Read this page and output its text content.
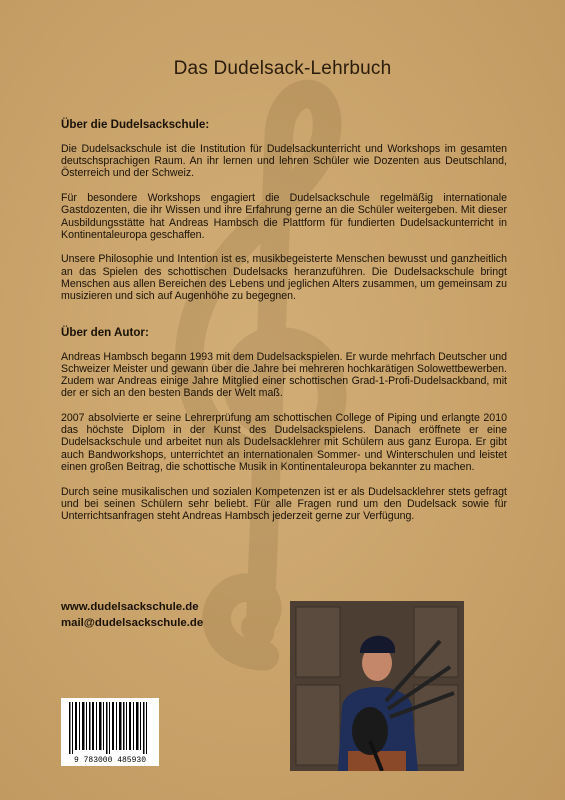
Das Dudelsack-Lehrbuch
Über die Dudelsackschule:
Die Dudelsackschule ist die Institution für Dudelsackunterricht und Workshops im gesamten deutschsprachigen Raum. An ihr lernen und lehren Schüler wie Dozenten aus Deutschland, Österreich und der Schweiz.
Für besondere Workshops engagiert die Dudelsackschule regelmäßig internationale Gastdozenten, die ihr Wissen und ihre Erfahrung gerne an die Schüler weitergeben. Mit dieser Ausbildungsstätte hat Andreas Hambsch die Plattform für fundierten Dudelsackunterricht in Kontinentaleuropa geschaffen.
Unsere Philosophie und Intention ist es, musikbegeisterte Menschen bewusst und ganzheitlich an das Spielen des schottischen Dudelsacks heranzuführen. Die Dudelsackschule bringt Menschen aus allen Bereichen des Lebens und jeglichen Alters zusammen, um gemeinsam zu musizieren und sich auf Augenhöhe zu begegnen.
Über den Autor:
Andreas Hambsch begann 1993 mit dem Dudelsackspielen. Er wurde mehrfach Deutscher und Schweizer Meister und gewann über die Jahre bei mehreren hochkarätigen Solowettbewerben. Zudem war Andreas einige Jahre Mitglied einer schottischen Grad-1-Profi-Dudelsackband, mit der er sich an den besten Bands der Welt maß.
2007 absolvierte er seine Lehrerprüfung am schottischen College of Piping und erlangte 2010 das höchste Diplom in der Kunst des Dudelsackspielens. Danach eröffnete er eine Dudelsackschule und arbeitet nun als Dudelsacklehrer mit Schülern aus ganz Europa. Er gibt auch Bandworkshops, unterrichtet an internationalen Sommer- und Winterschulen und leistet einen großen Beitrag, die schottische Musik in Kontinentaleuropa bekannter zu machen.
Durch seine musikalischen und sozialen Kompetenzen ist er als Dudelsacklehrer stets gefragt und bei seinen Schülern sehr beliebt. Für alle Fragen rund um den Dudelsack sowie für Unterrichtsanfragen steht Andreas Hambsch jederzeit gerne zur Verfügung.
www.dudelsackschule.de
mail@dudelsackschule.de
9 783000 485930
